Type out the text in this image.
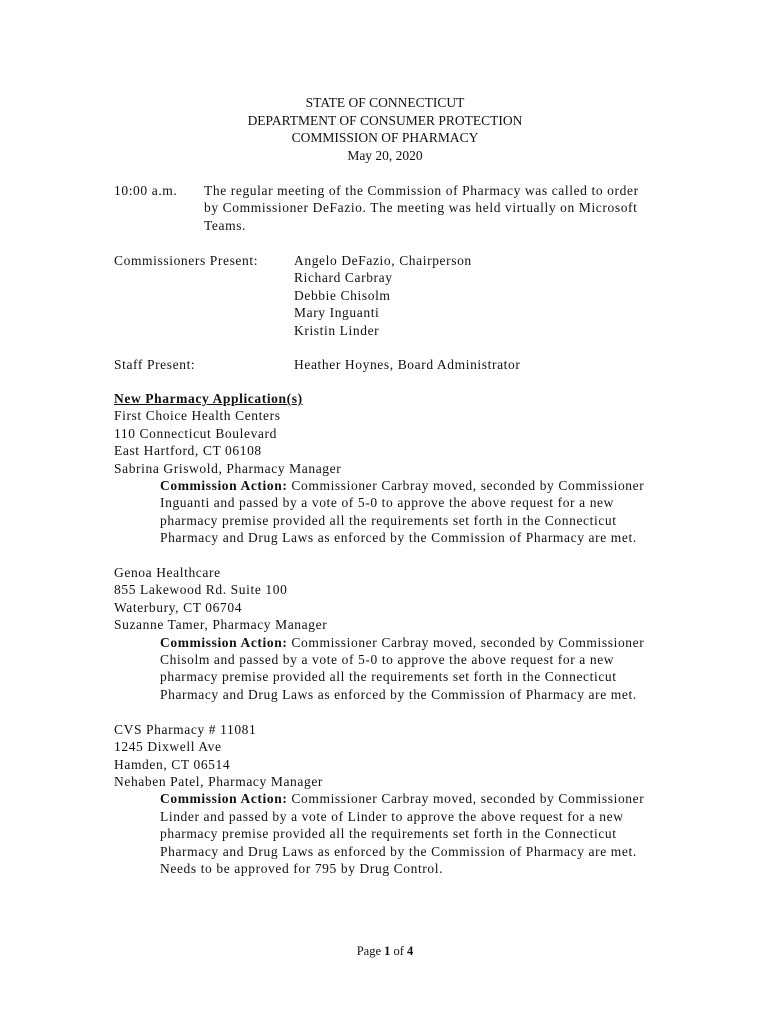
STATE OF CONNECTICUT
DEPARTMENT OF CONSUMER PROTECTION
COMMISSION OF PHARMACY
May 20, 2020
10:00 a.m. The regular meeting of the Commission of Pharmacy was called to order by Commissioner DeFazio. The meeting was held virtually on Microsoft Teams.
Commissioners Present:	Angelo DeFazio, Chairperson
Richard Carbray
Debbie Chisolm
Mary Inguanti
Kristin Linder
Staff Present:	Heather Hoynes, Board Administrator
New Pharmacy Application(s)
First Choice Health Centers
110 Connecticut Boulevard
East Hartford, CT 06108
Sabrina Griswold, Pharmacy Manager
Commission Action: Commissioner Carbray moved, seconded by Commissioner Inguanti and passed by a vote of 5-0 to approve the above request for a new pharmacy premise provided all the requirements set forth in the Connecticut Pharmacy and Drug Laws as enforced by the Commission of Pharmacy are met.
Genoa Healthcare
855 Lakewood Rd. Suite 100
Waterbury, CT 06704
Suzanne Tamer, Pharmacy Manager
Commission Action: Commissioner Carbray moved, seconded by Commissioner Chisolm and passed by a vote of 5-0 to approve the above request for a new pharmacy premise provided all the requirements set forth in the Connecticut Pharmacy and Drug Laws as enforced by the Commission of Pharmacy are met.
CVS Pharmacy # 11081
1245 Dixwell Ave
Hamden, CT 06514
Nehaben Patel, Pharmacy Manager
Commission Action: Commissioner Carbray moved, seconded by Commissioner Linder and passed by a vote of Linder to approve the above request for a new pharmacy premise provided all the requirements set forth in the Connecticut Pharmacy and Drug Laws as enforced by the Commission of Pharmacy are met. Needs to be approved for 795 by Drug Control.
Page 1 of 4
